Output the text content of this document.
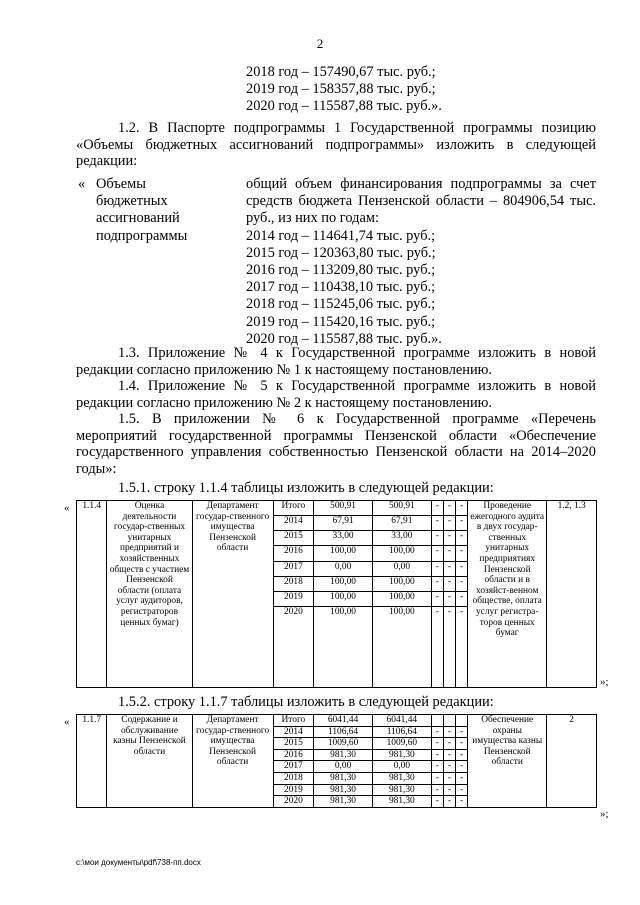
2
2018 год – 157490,67 тыс. руб.;
2019 год – 158357,88 тыс. руб.;
2020 год – 115587,88 тыс. руб.».
1.2. В Паспорте подпрограммы 1 Государственной программы позицию «Объемы бюджетных ассигнований подпрограммы» изложить в следующей редакции:
« Объемы
бюджетных
ассигнований
подпрограммы
общий объем финансирования подпрограммы за счет средств бюджета Пензенской области – 804906,54 тыс. руб., из них по годам:
2014 год – 114641,74 тыс. руб.;
2015 год – 120363,80 тыс. руб.;
2016 год – 113209,80 тыс. руб.;
2017 год – 110438,10 тыс. руб.;
2018 год – 115245,06 тыс. руб.;
2019 год – 115420,16 тыс. руб.;
2020 год – 115587,88 тыс. руб.».
1.3. Приложение № 4 к Государственной программе изложить в новой редакции согласно приложению № 1 к настоящему постановлению.
1.4. Приложение № 5 к Государственной программе изложить в новой редакции согласно приложению № 2 к настоящему постановлению.
1.5. В приложении № 6 к Государственной программе «Перечень мероприятий государственной программы Пензенской области «Обеспечение государственного управления собственностью Пензенской области на 2014–2020 годы»:
1.5.1. строку 1.1.4 таблицы изложить в следующей редакции:
« 1.1.4	Оценка деятельности государ-ственных унитарных предприятий и хозяйственных обществ с участием Пензенской области (оплата услуг аудиторов, регистраторов ценных бумаг)	Департамент государ-ственного имущества Пензенской области	Итого	500,91	500,91	-	-	-	Проведение ежегодного аудита в двух государ-ственных унитарных предприятиях Пензенской области и в хозяйст-венном обществе, оплата услуг регистра-торов ценных бумаг	1.2, 1.3
			2014	67,91	67,91	-	-	-		
			2015	33,00	33,00	-	-	-		
			2016	100,00	100,00	-	-	-		
			2017	0,00	0,00	-	-	-		
			2018	100,00	100,00	-	-	-		
			2019	100,00	100,00	-	-	-		
			2020	100,00	100,00	-	-	-		
»;
1.5.2. строку 1.1.7 таблицы изложить в следующей редакции:
« 1.1.7	Содержание и обслуживание казны Пензенской области	Департамент государ-ственного имущества Пензенской области	Итого	6041,44	6041,44				Обеспечение охраны имущества казны Пензенской области	2
			2014	1106,64	1106,64	-	-	-		
			2015	1009,60	1009,60	-	-	-		
			2016	981,30	981,30	-	-	-		
			2017	0,00	0,00	-	-	-		
			2018	981,30	981,30	-	-	-		
			2019	981,30	981,30	-	-	-		
			2020	981,30	981,30	-	-	-		
»;
c:\мои документы\pdf\738-пп.docx
